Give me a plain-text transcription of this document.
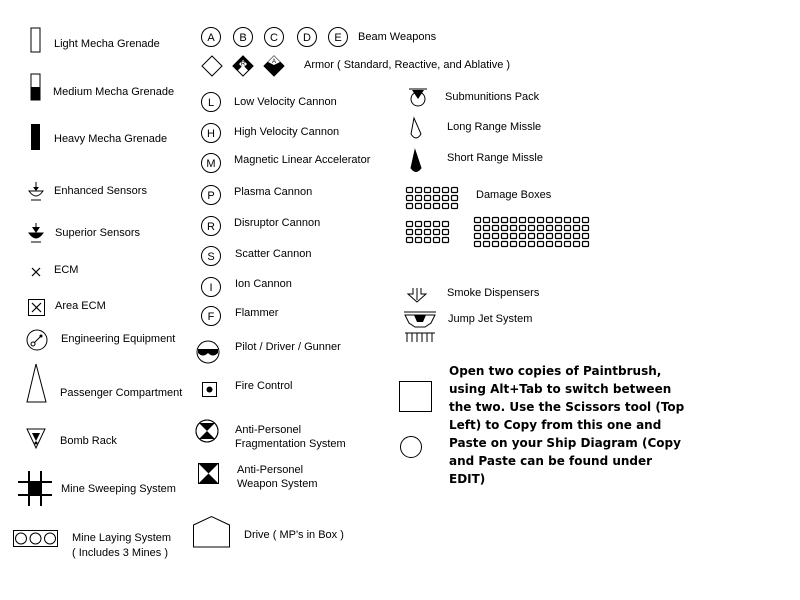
Light Mecha Grenade
Medium Mecha Grenade
Heavy Mecha Grenade
Enhanced Sensors
Superior Sensors
ECM
Area ECM
Engineering Equipment
Passenger Compartment
Bomb Rack
Mine Sweeping System
Mine Laying System
( Includes 3 Mines )
A B C D E Beam Weapons
R	A	Armor ( Standard, Reactive, and Ablative )
L Low Velocity Cannon
H High Velocity Cannon
M Magnetic Linear Accelerator
P Plasma Cannon
R Disruptor Cannon
S Scatter Cannon
I Ion Cannon
F Flammer
Pilot / Driver / Gunner
Fire Control
Anti-Personel
Fragmentation System
Anti-Personel
Weapon System
Drive ( MP's in Box )
Submunitions Pack
Long Range Missle
Short Range Missle
Damage Boxes
Smoke Dispensers
Jump Jet System
Open two copies of Paintbrush, using Alt+Tab to switch between the two. Use the Scissors tool (Top Left) to Copy from this one and Paste on your Ship Diagram (Copy and Paste can be found under EDIT)
